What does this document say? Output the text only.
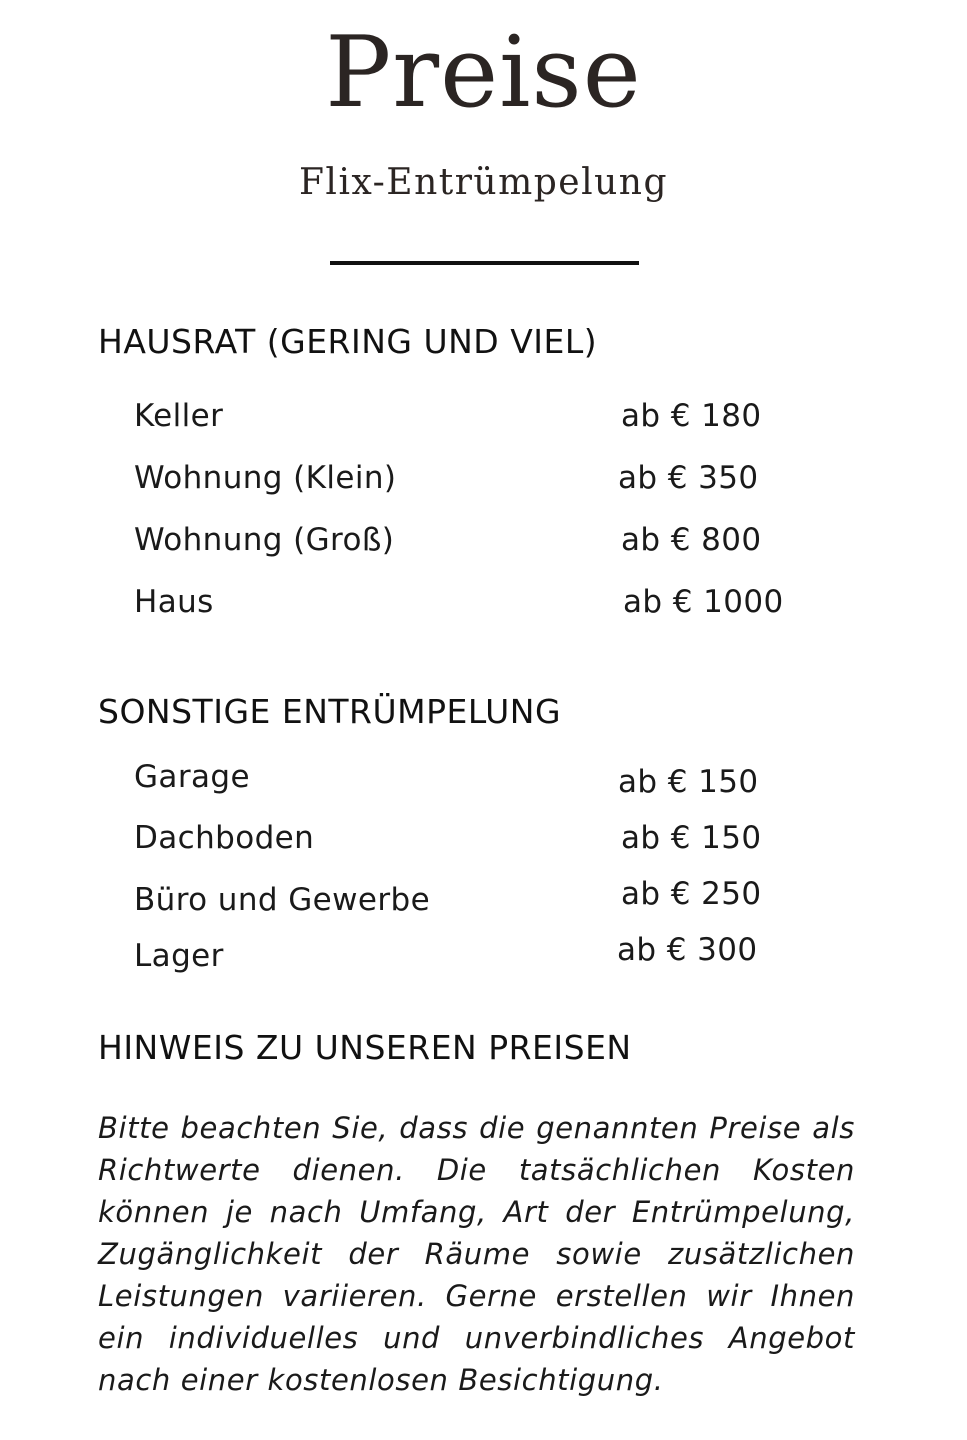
Preise
Flix-Entrümpelung
HAUSRAT (GERING UND VIEL)
Keller	ab € 180
Wohnung (Klein)	ab € 350
Wohnung (Groß)	ab € 800
Haus	ab € 1000
SONSTIGE ENTRÜMPELUNG
Garage	ab € 150
Dachboden	ab € 150
Büro und Gewerbe	ab € 250
Lager	ab € 300
HINWEIS ZU UNSEREN PREISEN

Bitte beachten Sie, dass die genannten Preise als Richtwerte dienen. Die tatsächlichen Kosten können je nach Umfang, Art der Entrümpelung, Zugänglichkeit der Räume sowie zusätzlichen Leistungen variieren. Gerne erstellen wir Ihnen ein individuelles und unverbindliches Angebot nach einer kostenlosen Besichtigung.
